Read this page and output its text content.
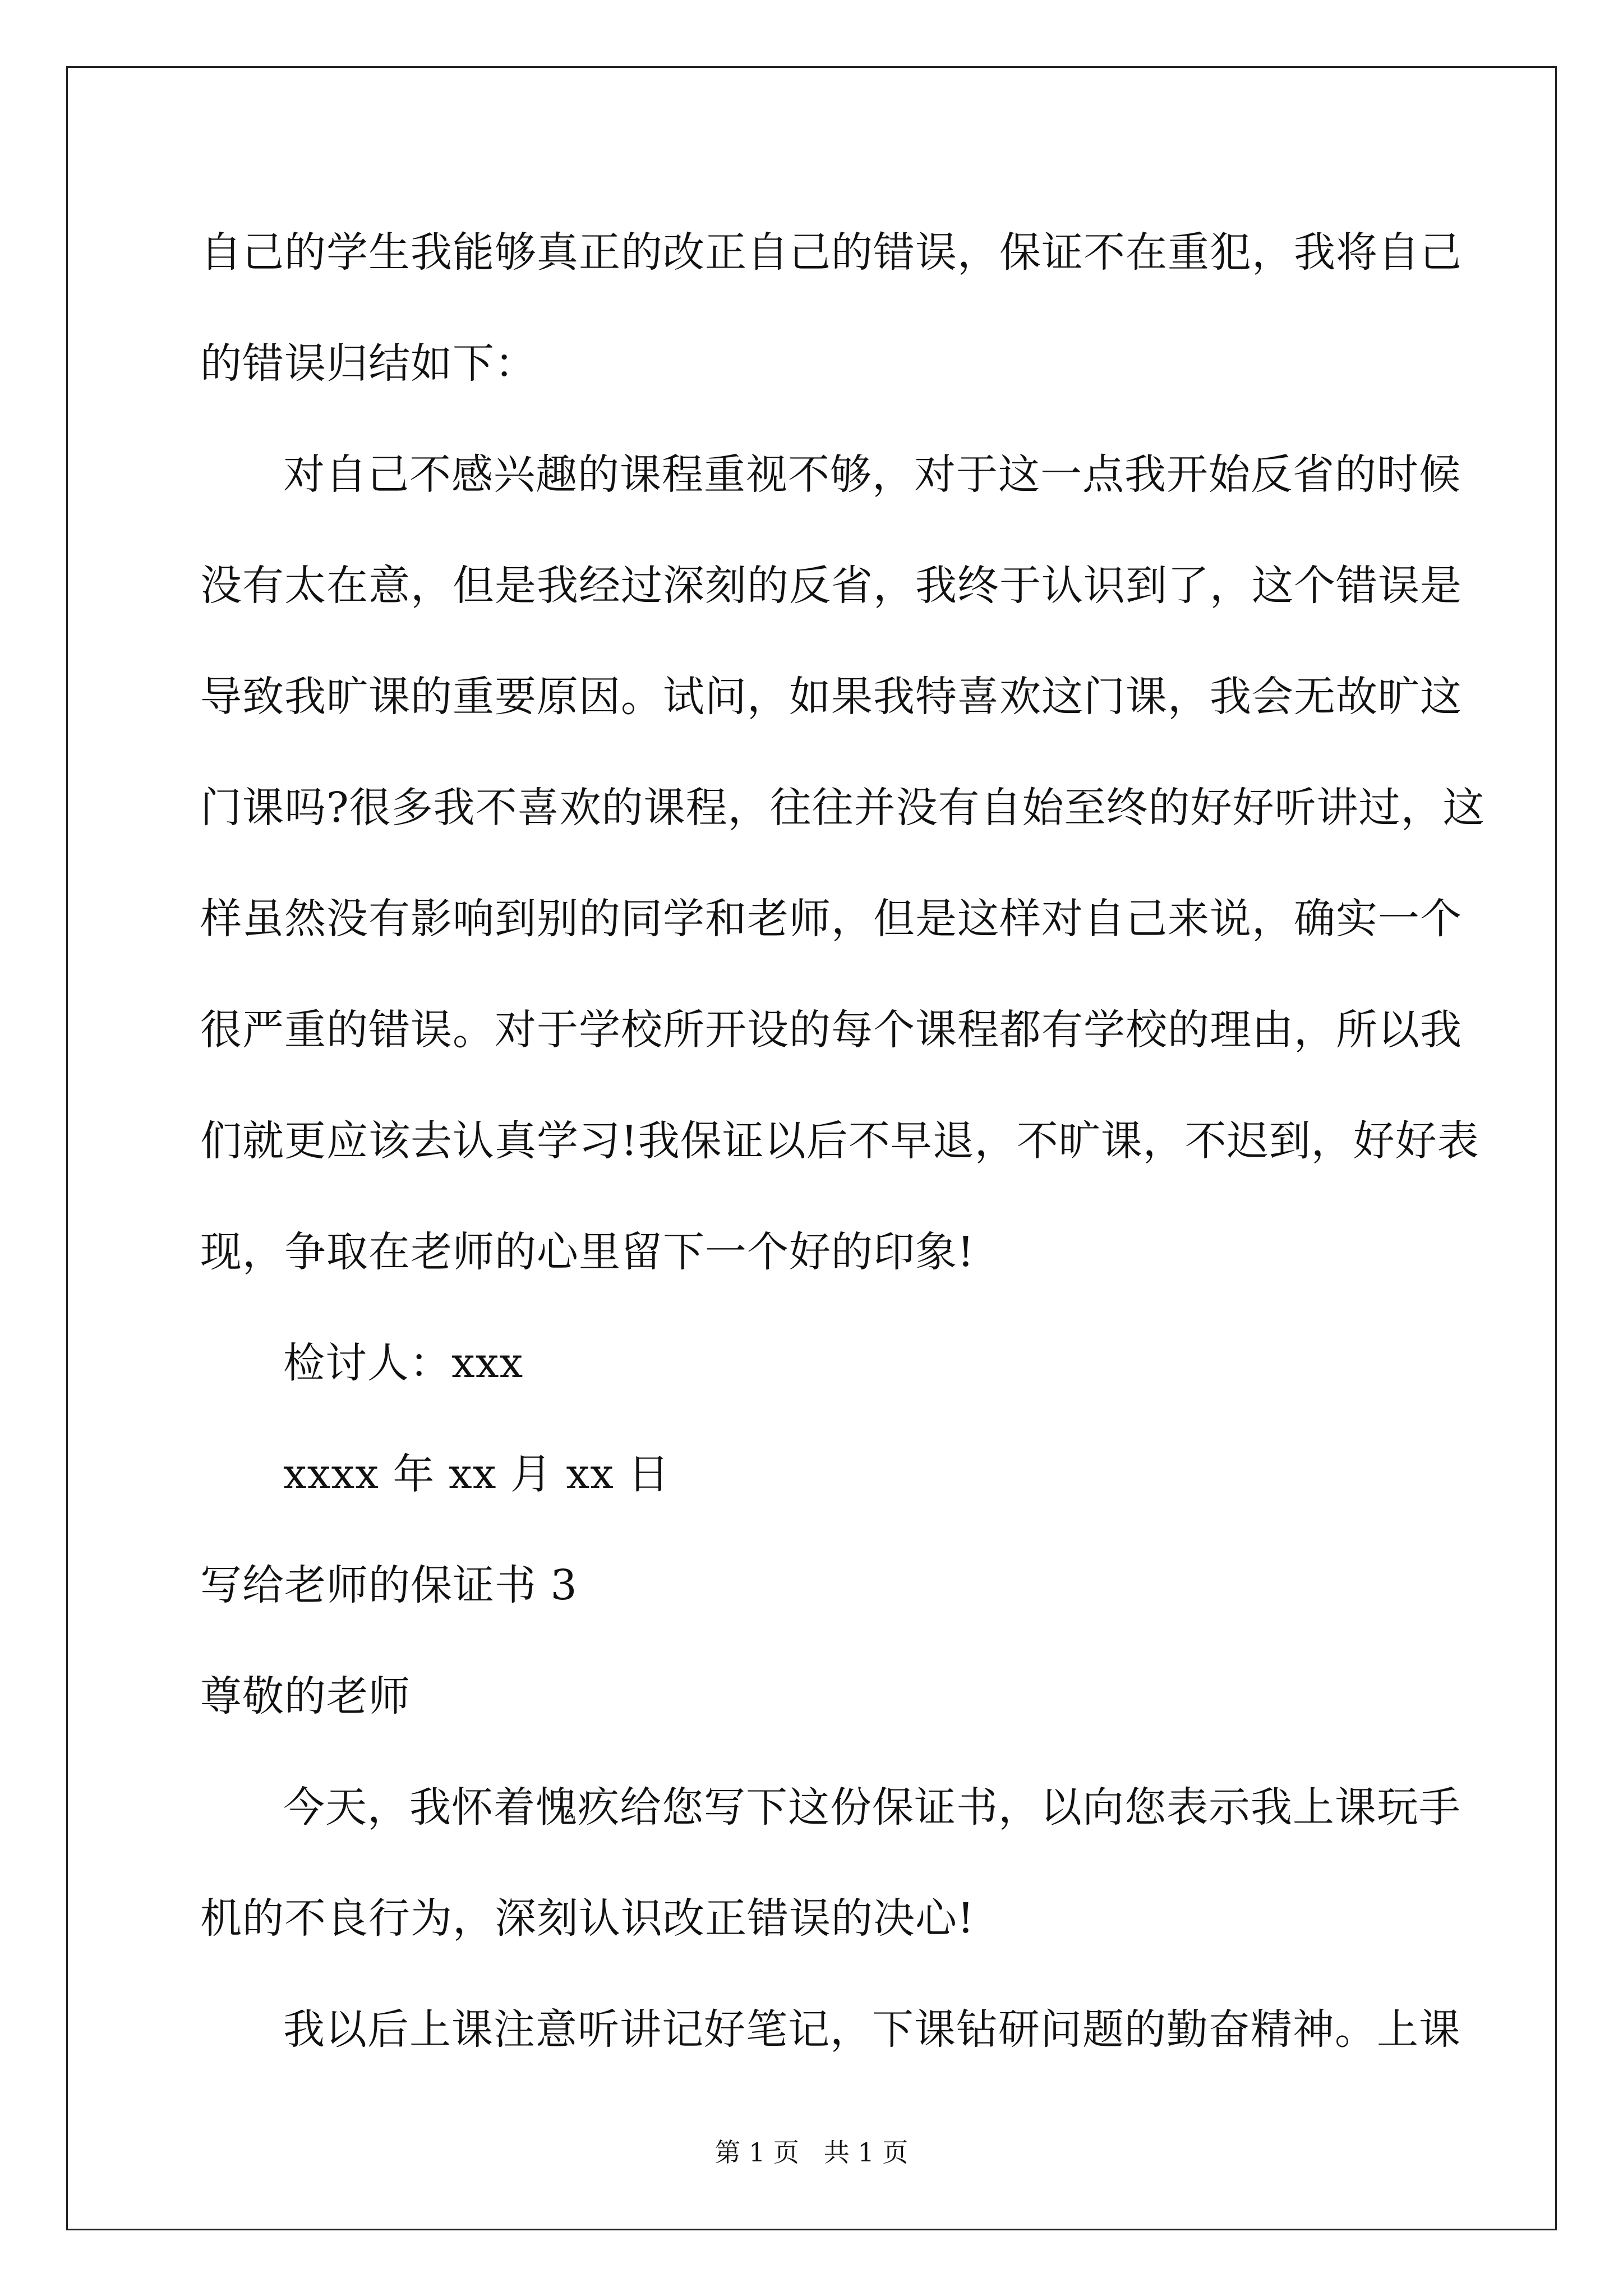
自己的学生我能够真正的改正自己的错误，保证不在重犯，我将自己
的错误归结如下：
对自己不感兴趣的课程重视不够，对于这一点我开始反省的时候
没有太在意，但是我经过深刻的反省，我终于认识到了，这个错误是
导致我旷课的重要原因。试问，如果我特喜欢这门课，我会无故旷这
门课吗?很多我不喜欢的课程，往往并没有自始至终的好好听讲过，这
样虽然没有影响到别的同学和老师，但是这样对自己来说，确实一个
很严重的错误。对于学校所开设的每个课程都有学校的理由，所以我
们就更应该去认真学习!我保证以后不早退，不旷课，不迟到，好好表
现，争取在老师的心里留下一个好的印象!
检讨人：xxx
xxxx 年 xx 月 xx 日
写给老师的保证书 3
尊敬的老师
今天，我怀着愧疚给您写下这份保证书，以向您表示我上课玩手
机的不良行为，深刻认识改正错误的决心!
我以后上课注意听讲记好笔记，下课钻研问题的勤奋精神。上课
第 1 页   共 1 页
